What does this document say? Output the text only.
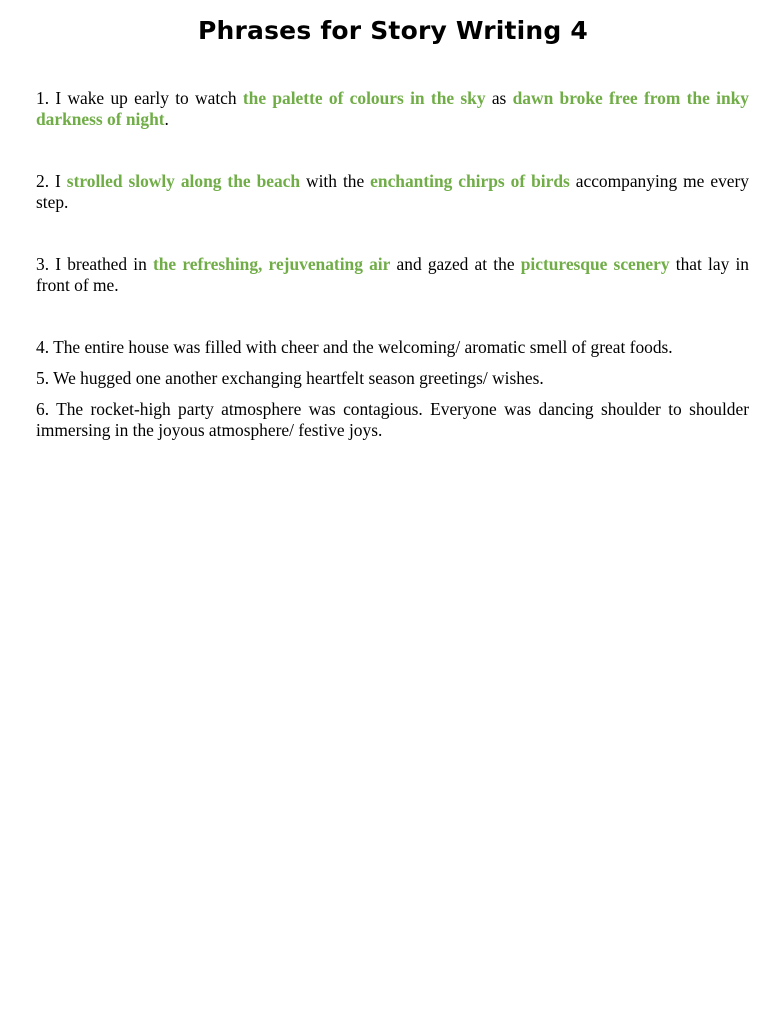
Phrases for Story Writing 4

1. I wake up early to watch the palette of colours in the sky as dawn broke free from the inky darkness of night.

2. I strolled slowly along the beach with the enchanting chirps of birds accompanying me every step.

3. I breathed in the refreshing, rejuvenating air and gazed at the picturesque scenery that lay in front of me.

4. The entire house was filled with cheer and the welcoming/ aromatic smell of great foods.

5. We hugged one another exchanging heartfelt season greetings/ wishes.

6. The rocket-high party atmosphere was contagious. Everyone was dancing shoulder to shoulder immersing in the joyous atmosphere/ festive joys.
